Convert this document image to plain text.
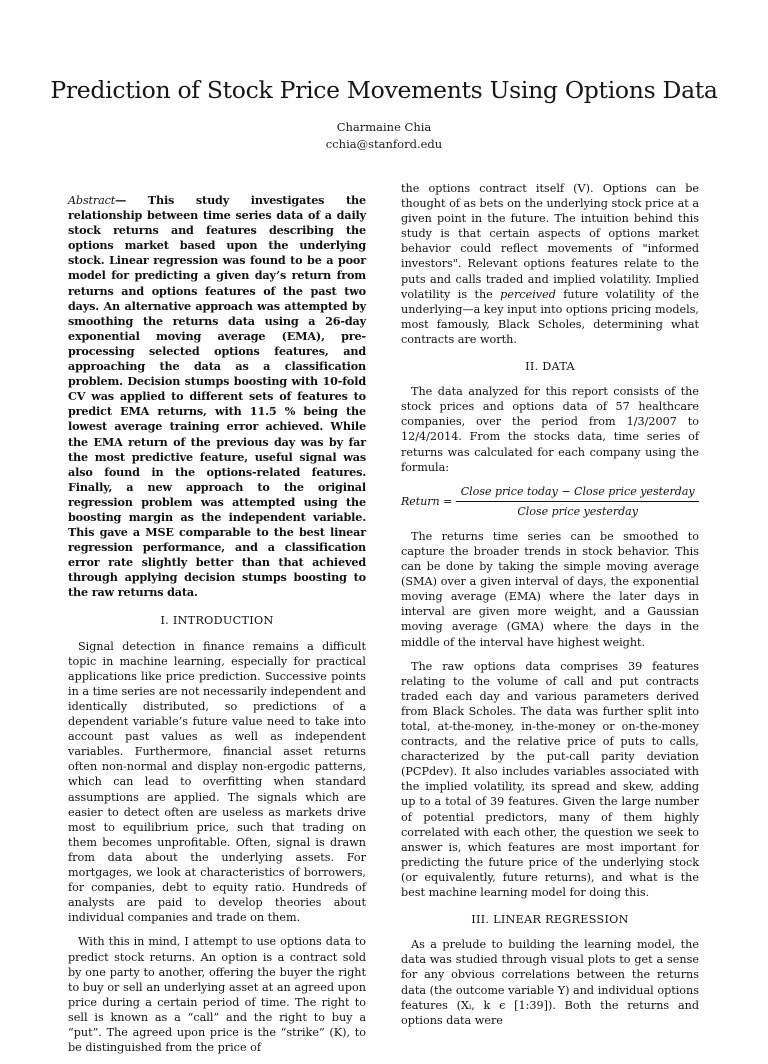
Prediction of Stock Price Movements Using Options Data
Charmaine Chia
cchia@stanford.edu

Abstract— This study investigates the relationship between time series data of a daily stock returns and features describing the options market based upon the underlying stock. Linear regression was found to be a poor model for predicting a given day’s return from returns and options features of the past two days. An alternative approach was attempted by smoothing the returns data using a 26-day exponential moving average (EMA), pre-processing selected options features, and approaching the data as a classification problem. Decision stumps boosting with 10-fold CV was applied to different sets of features to predict EMA returns, with 11.5 % being the lowest average training error achieved. While the EMA return of the previous day was by far the most predictive feature, useful signal was also found in the options-related features. Finally, a new approach to the original regression problem was attempted using the boosting margin as the independent variable. This gave a MSE comparable to the best linear regression performance, and a classification error rate slightly better than that achieved through applying decision stumps boosting to the raw returns data.

I. INTRODUCTION

Signal detection in finance remains a difficult topic in machine learning, especially for practical applications like price prediction. Successive points in a time series are not necessarily independent and identically distributed, so predictions of a dependent variable’s future value need to take into account past values as well as independent variables. Furthermore, financial asset returns often non-normal and display non-ergodic patterns, which can lead to overfitting when standard assumptions are applied. The signals which are easier to detect often are useless as markets drive most to equilibrium price, such that trading on them becomes unprofitable. Often, signal is drawn from data about the underlying assets. For mortgages, we look at characteristics of borrowers, for companies, debt to equity ratio. Hundreds of analysts are paid to develop theories about individual companies and trade on them.

With this in mind, I attempt to use options data to predict stock returns. An option is a contract sold by one party to another, offering the buyer the right to buy or sell an underlying asset at an agreed upon price during a certain period of time. The right to sell is known as a “call” and the right to buy a “put”. The agreed upon price is the “strike” (K), to be distinguished from the price of

the options contract itself (V). Options can be thought of as bets on the underlying stock price at a given point in the future. The intuition behind this study is that certain aspects of options market behavior could reflect movements of "informed investors". Relevant options features relate to the puts and calls traded and implied volatility. Implied volatility is the perceived future volatility of the underlying—a key input into options pricing models, most famously, Black Scholes, determining what contracts are worth.

II. DATA

The data analyzed for this report consists of the stock prices and options data of 57 healthcare companies, over the period from 1/3/2007 to 12/4/2014. From the stocks data, time series of returns was calculated for each company using the formula:

Return = $\frac{\text{Close price today − Close price yesterday}}{\text{Close price yesterday}}$

The returns time series can be smoothed to capture the broader trends in stock behavior. This can be done by taking the simple moving average (SMA) over a given interval of days, the exponential moving average (EMA) where the later days in interval are given more weight, and a Gaussian moving average (GMA) where the days in the middle of the interval have highest weight.

The raw options data comprises 39 features relating to the volume of call and put contracts traded each day and various parameters derived from Black Scholes. The data was further split into total, at-the-money, in-the-money or on-the-money contracts, and the relative price of puts to calls, characterized by the put-call parity deviation (PCPdev). It also includes variables associated with the implied volatility, its spread and skew, adding up to a total of 39 features. Given the large number of potential predictors, many of them highly correlated with each other, the question we seek to answer is, which features are most important for predicting the future price of the underlying stock (or equivalently, future returns), and what is the best machine learning model for doing this.

III. LINEAR REGRESSION

As a prelude to building the learning model, the data was studied through visual plots to get a sense for any obvious correlations between the returns data (the outcome variable Y) and individual options features (Xᵢ, k ϵ [1:39]). Both the returns and options data were
